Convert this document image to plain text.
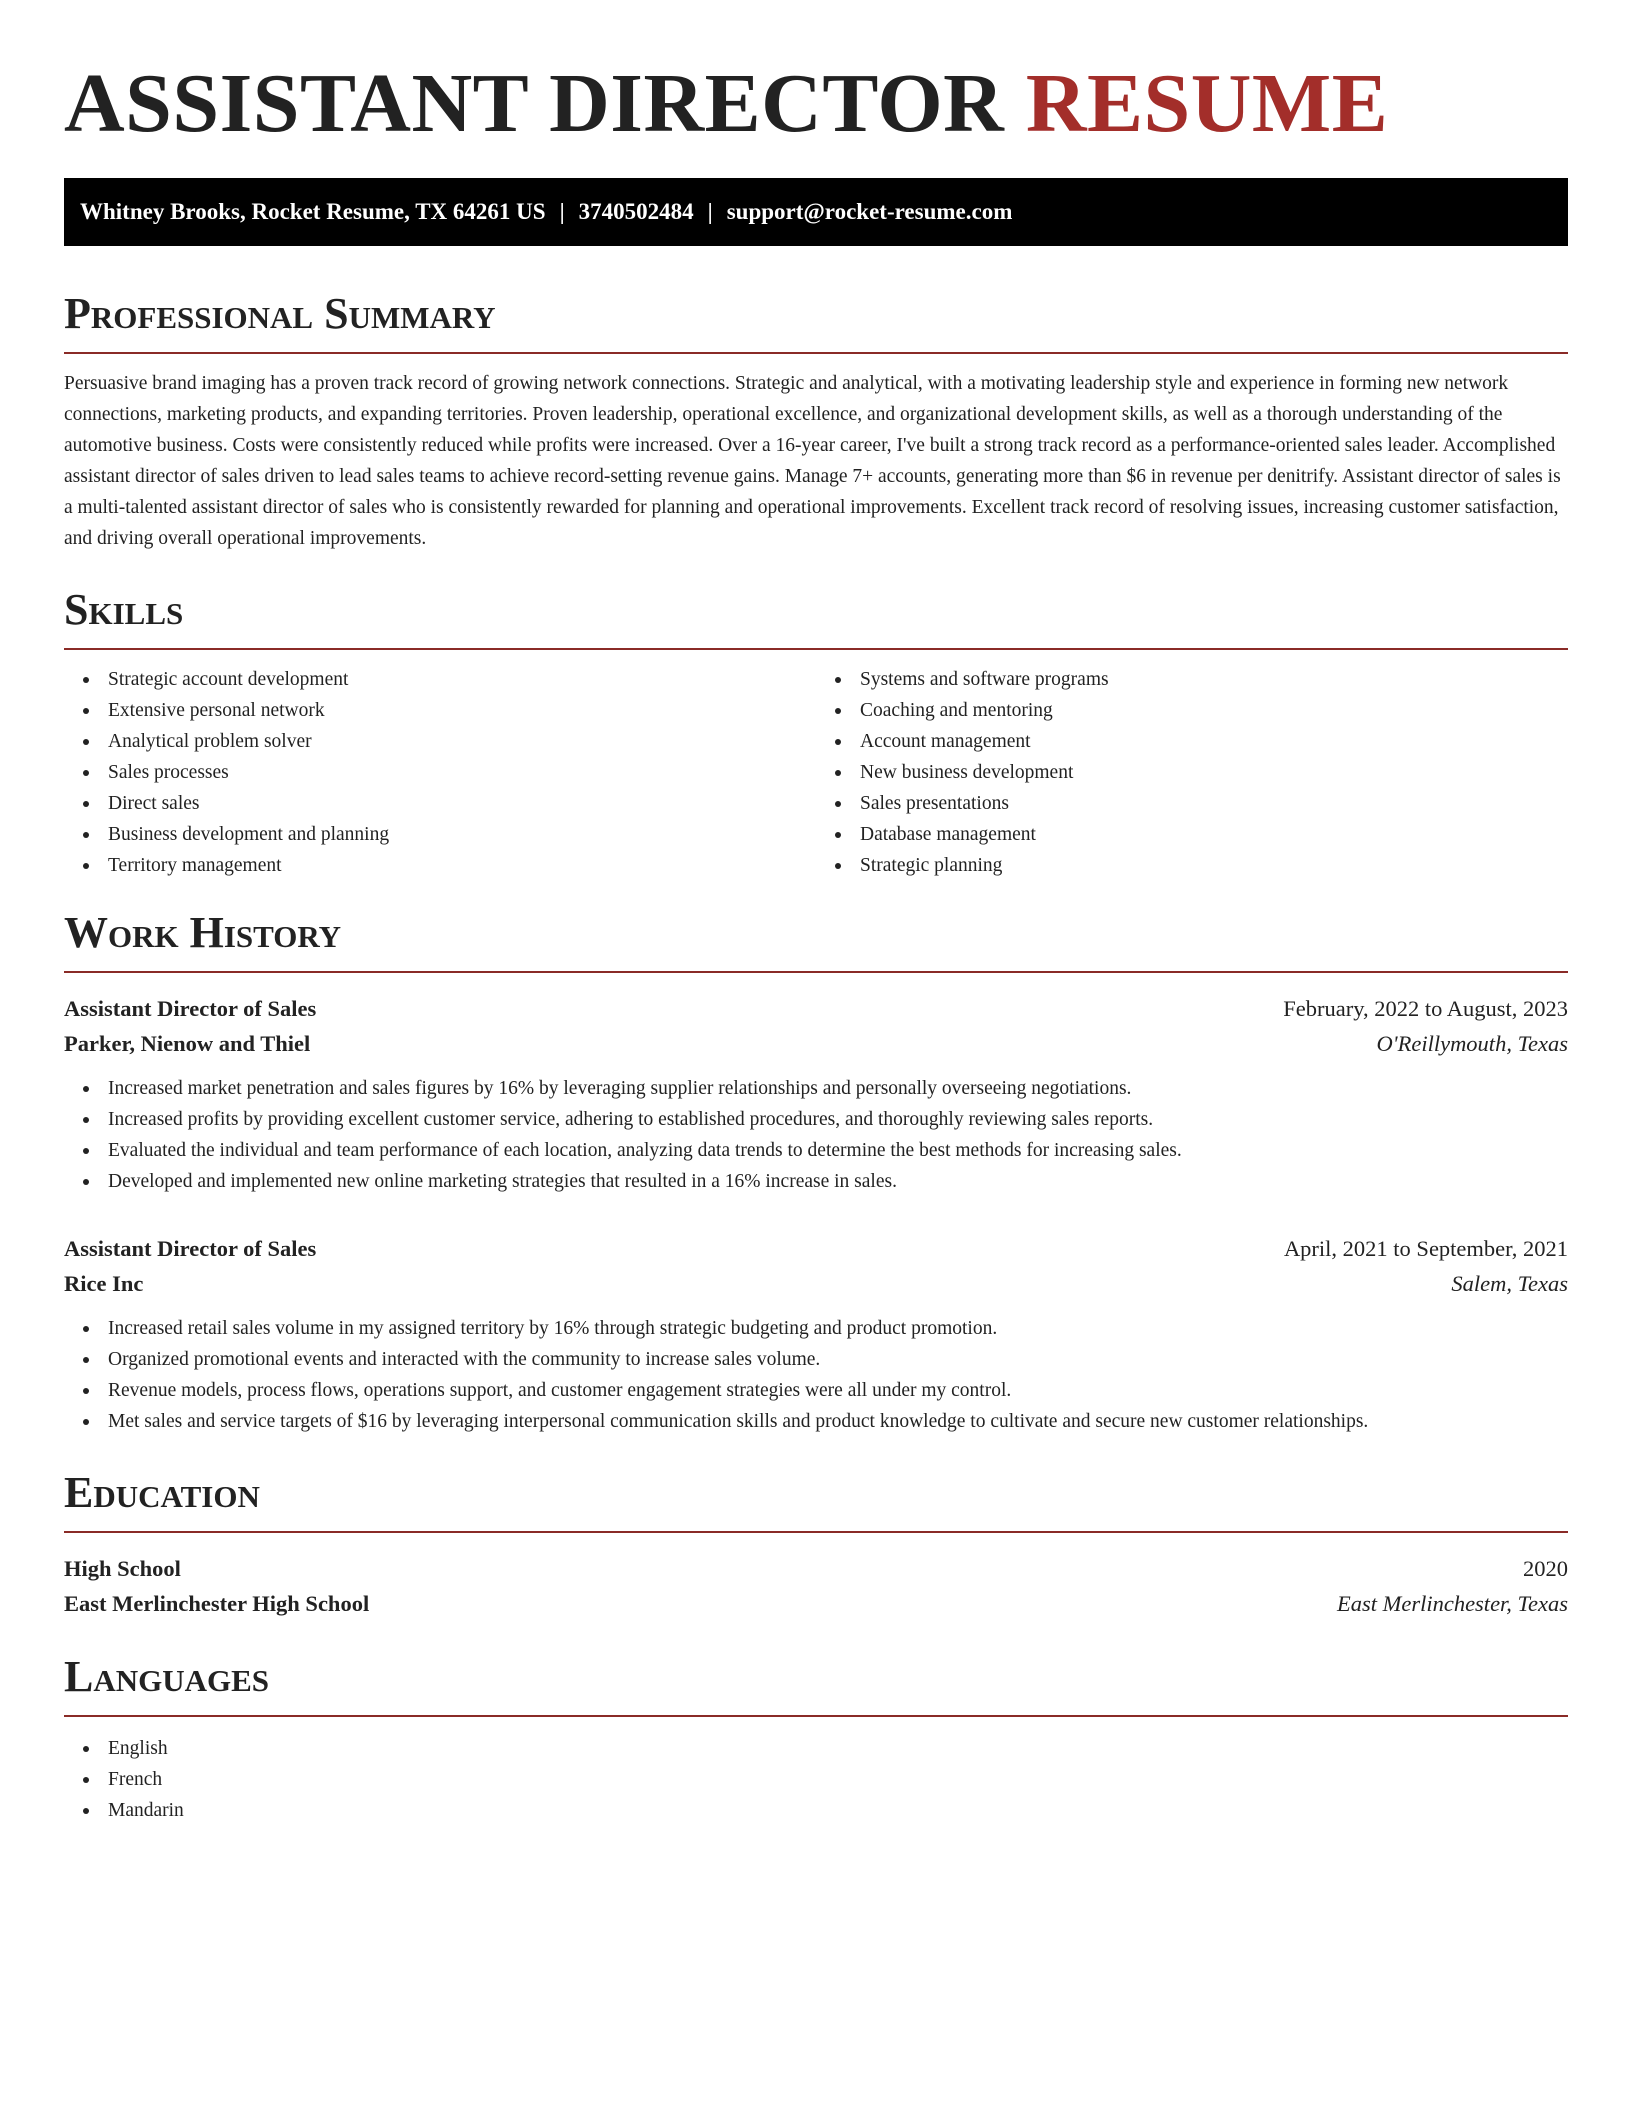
ASSISTANT DIRECTOR RESUME
Whitney Brooks, Rocket Resume, TX 64261 US | 3740502484 | support@rocket-resume.com
Professional Summary

Persuasive brand imaging has a proven track record of growing network connections. Strategic and analytical, with a motivating leadership style and experience in forming new network connections, marketing products, and expanding territories. Proven leadership, operational excellence, and organizational development skills, as well as a thorough understanding of the automotive business. Costs were consistently reduced while profits were increased. Over a 16-year career, I've built a strong track record as a performance-oriented sales leader. Accomplished assistant director of sales driven to lead sales teams to achieve record-setting revenue gains. Manage 7+ accounts, generating more than $6 in revenue per denitrify. Assistant director of sales is a multi-talented assistant director of sales who is consistently rewarded for planning and operational improvements. Excellent track record of resolving issues, increasing customer satisfaction, and driving overall operational improvements.

Skills
Strategic account development
Extensive personal network
Analytical problem solver
Sales processes
Direct sales
Business development and planning
Territory management
Systems and software programs
Coaching and mentoring
Account management
New business development
Sales presentations
Database management
Strategic planning
Work History
Assistant Director of Sales	February, 2022 to August, 2023
Parker, Nienow and Thiel	O'Reillymouth, Texas
Increased market penetration and sales figures by 16% by leveraging supplier relationships and personally overseeing negotiations.
Increased profits by providing excellent customer service, adhering to established procedures, and thoroughly reviewing sales reports.
Evaluated the individual and team performance of each location, analyzing data trends to determine the best methods for increasing sales.
Developed and implemented new online marketing strategies that resulted in a 16% increase in sales.
Assistant Director of Sales	April, 2021 to September, 2021
Rice Inc	Salem, Texas
Increased retail sales volume in my assigned territory by 16% through strategic budgeting and product promotion.
Organized promotional events and interacted with the community to increase sales volume.
Revenue models, process flows, operations support, and customer engagement strategies were all under my control.
Met sales and service targets of $16 by leveraging interpersonal communication skills and product knowledge to cultivate and secure new customer relationships.
Education
High School	2020
East Merlinchester High School	East Merlinchester, Texas
Languages
English
French
Mandarin
